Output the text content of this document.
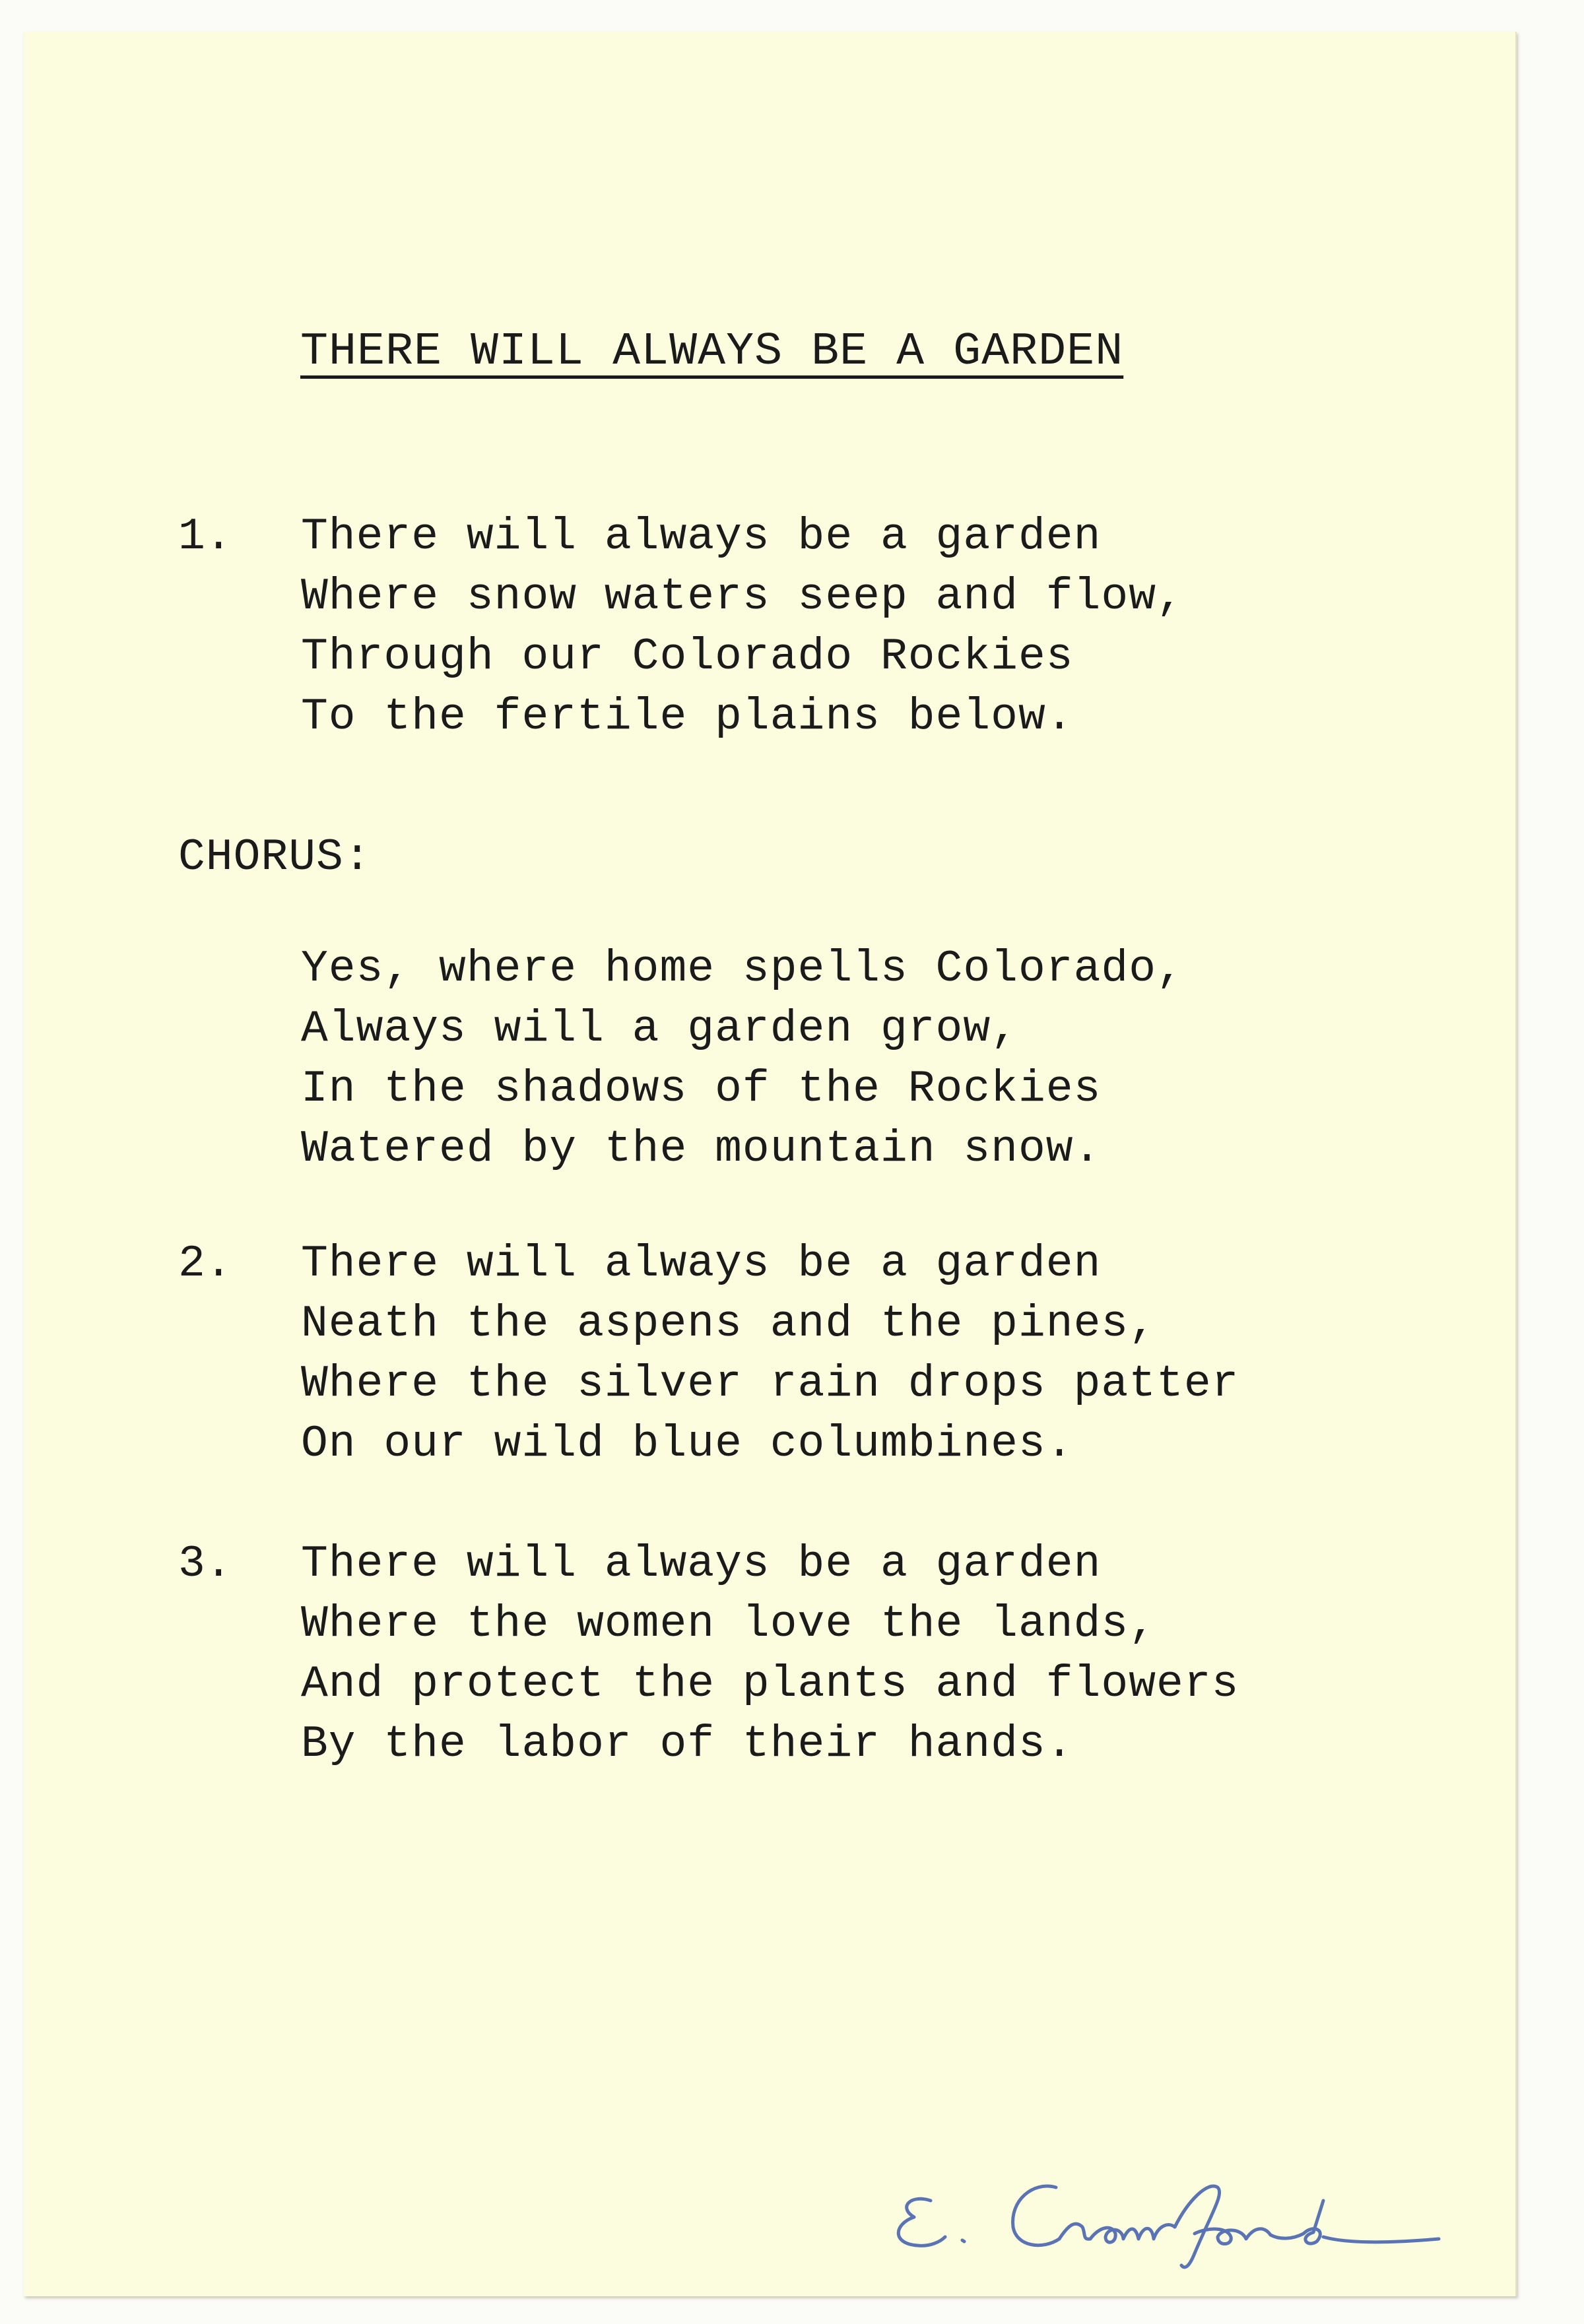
THERE WILL ALWAYS BE A GARDEN
1. There will always be a garden
Where snow waters seep and flow,
Through our Colorado Rockies
To the fertile plains below.
CHORUS:
Yes, where home spells Colorado,
Always will a garden grow,
In the shadows of the Rockies
Watered by the mountain snow.
2. There will always be a garden
Neath the aspens and the pines,
Where the silver rain drops patter
On our wild blue columbines.
3. There will always be a garden
Where the women love the lands,
And protect the plants and flowers
By the labor of their hands.
